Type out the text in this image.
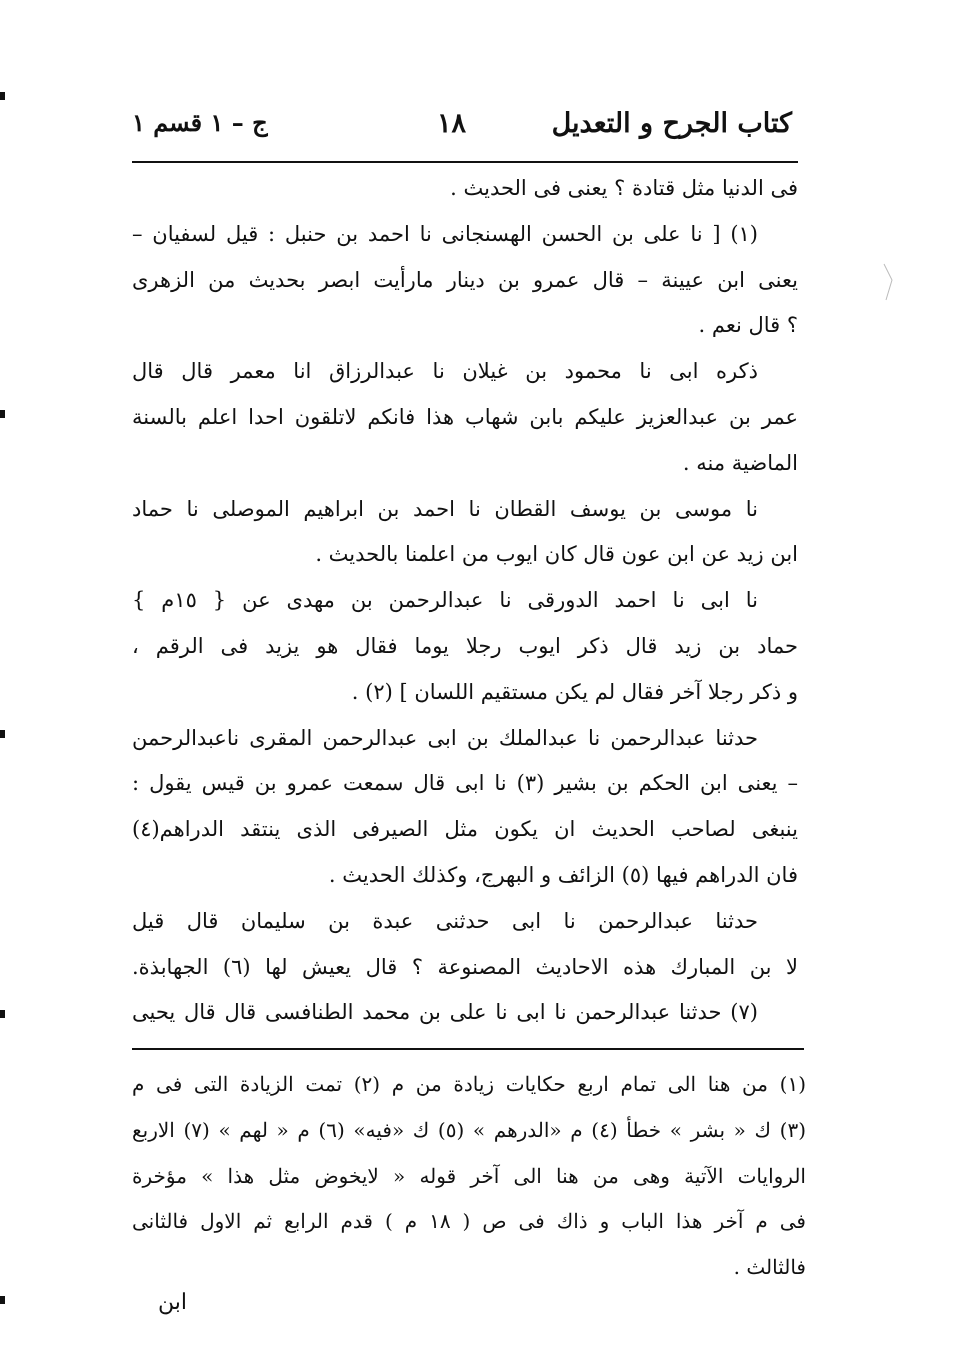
كتاب الجرح و التعديل
١٨
ج – ١ قسم ١
فى الدنيا مثل قتادة ؟ يعنى فى الحديث .
(١) [ نا على بن الحسن الهسنجانى نا احمد بن حنبل : قيل لسفيان –
يعنى ابن عيينة – قال عمرو بن دينار مارأيت ابصر بحديث من الزهرى
؟ قال نعم .
ذكره ابى نا محمود بن غيلان نا عبدالرزاق انا معمر قال قال
عمر بن عبدالعزيز عليكم بابن شهاب هذا فانكم لاتلقون احدا اعلم بالسنة
الماضية منه .
نا موسى بن يوسف القطان نا احمد بن ابراهيم الموصلى نا حماد
ابن زيد عن ابن عون قال كان ايوب من اعلمنا بالحديث .
نا ابى نا احمد الدورقى نا عبدالرحمن بن مهدى عن { ١٥م }
حماد بن زيد قال ذكر ايوب رجلا يوما فقال هو يزيد فى الرقم ،
و ذكر رجلا آخر فقال لم يكن مستقيم اللسان ] (٢) .
حدثنا عبدالرحمن نا عبدالملك بن ابى عبدالرحمن المقرى ناعبدالرحمن
– يعنى ابن الحكم بن بشير (٣) نا ابى قال سمعت عمرو بن قيس يقول :
ينبغى لصاحب الحديث ان يكون مثل الصيرفى الذى ينتقد الدراهم(٤)
فان الدراهم فيها (٥) الزائف و البهرج، وكذلك الحديث .
حدثنا عبدالرحمن نا ابى حدثنى عبدة بن سليمان قال قيل
لا بن المبارك هذه الاحاديث المصنوعة ؟ قال يعيش لها (٦) الجهابذة.
(٧) حدثنا عبدالرحمن نا ابى نا على بن محمد الطنافسى قال قال يحيى
(١) من هنا الى تمام اربع حكايات زيادة من م (٢) تمت الزيادة التى فى م
(٣) ك « بشر » خطأ (٤) م «الدرهم » (٥) ك «فيه» (٦) م « لهم » (٧) الاربع
الروايات الآتية وهى من هنا الى آخر قوله « لايخوض مثل هذا » مؤخرة
فى م آخر هذا الباب و ذاك فى ص ( ١٨ م ) قدم الرابع ثم الاول فالثانى
فالثالث .
ابن
